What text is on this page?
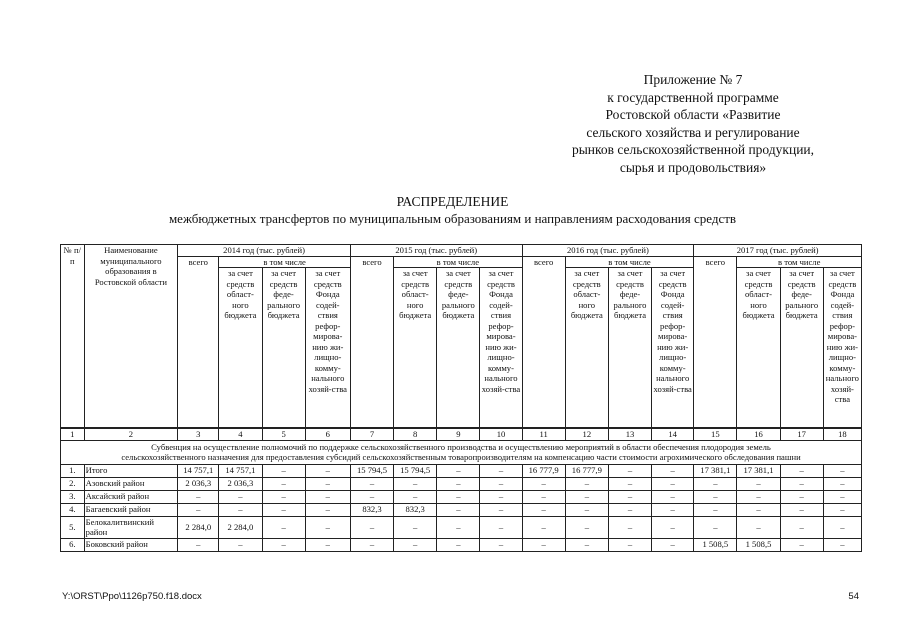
Приложение № 7
к государственной программе
Ростовской области «Развитие
сельского хозяйства и регулирование
рынков сельскохозяйственной продукции,
сырья и продовольствия»
РАСПРЕДЕЛЕНИЕ
межбюджетных трансфертов по муниципальным образованиям и направлениям расходования средств
№ п/п	Наименование муниципального образования в Ростовской области	2014 год (тыс. рублей)				2015 год (тыс. рублей)				2016 год (тыс. рублей)				2017 год (тыс. рублей)			
		всего	в том числе			всего	в том числе			всего	в том числе			всего	в том числе		
			за счет средств област-ного бюджета	за счет средств феде-рального бюджета	за счет средств Фонда содей-ствия рефор-мирова-нию жи-лищно-комму-нального хозяй-ства		за счет средств област-ного бюджета	за счет средств феде-рального бюджета	за счет средств Фонда содей-ствия рефор-мирова-нию жи-лищно-комму-нального хозяй-ства		за счет средств област-ного бюджета	за счет средств феде-рального бюджета	за счет средств Фонда содей-ствия рефор-мирова-нию жи-лищно-комму-нального хозяй-ства		за счет средств област-ного бюджета	за счет средств феде-рального бюджета	за счет средств Фонда содей-ствия рефор-мирова-нию жи-лищно-комму-нального хозяй-ства
1	2	3	4	5	6	7	8	9	10	11	12	13	14	15	16	17	18
Субвенция на осуществление полномочий по поддержке сельскохозяйственного производства и осуществлению мероприятий в области обеспечения плодородия земель сельскохозяйственного назначения для предоставления субсидий сельскохозяйственным товаропроизводителям на компенсацию части стоимости агрохимического обследования пашни																	
1.	Итого	14 757,1	14 757,1	–	–	15 794,5	15 794,5	–	–	16 777,9	16 777,9	–	–	17 381,1	17 381,1	–	–
2.	Азовский район	2 036,3	2 036,3	–	–	–	–	–	–	–	–	–	–	–	–	–	–
3.	Аксайский район	–	–	–	–	–	–	–	–	–	–	–	–	–	–	–	–
4.	Багаевский район	–	–	–	–	832,3	832,3	–	–	–	–	–	–	–	–	–	–
5.	Белокалитвинский район	2 284,0	2 284,0	–	–	–	–	–	–	–	–	–	–	–	–	–	–
6.	Боковский район	–	–	–	–	–	–	–	–	–	–	–	–	1 508,5	1 508,5	–	–
Y:\ORST\Ppo\1126p750.f18.docx	54
